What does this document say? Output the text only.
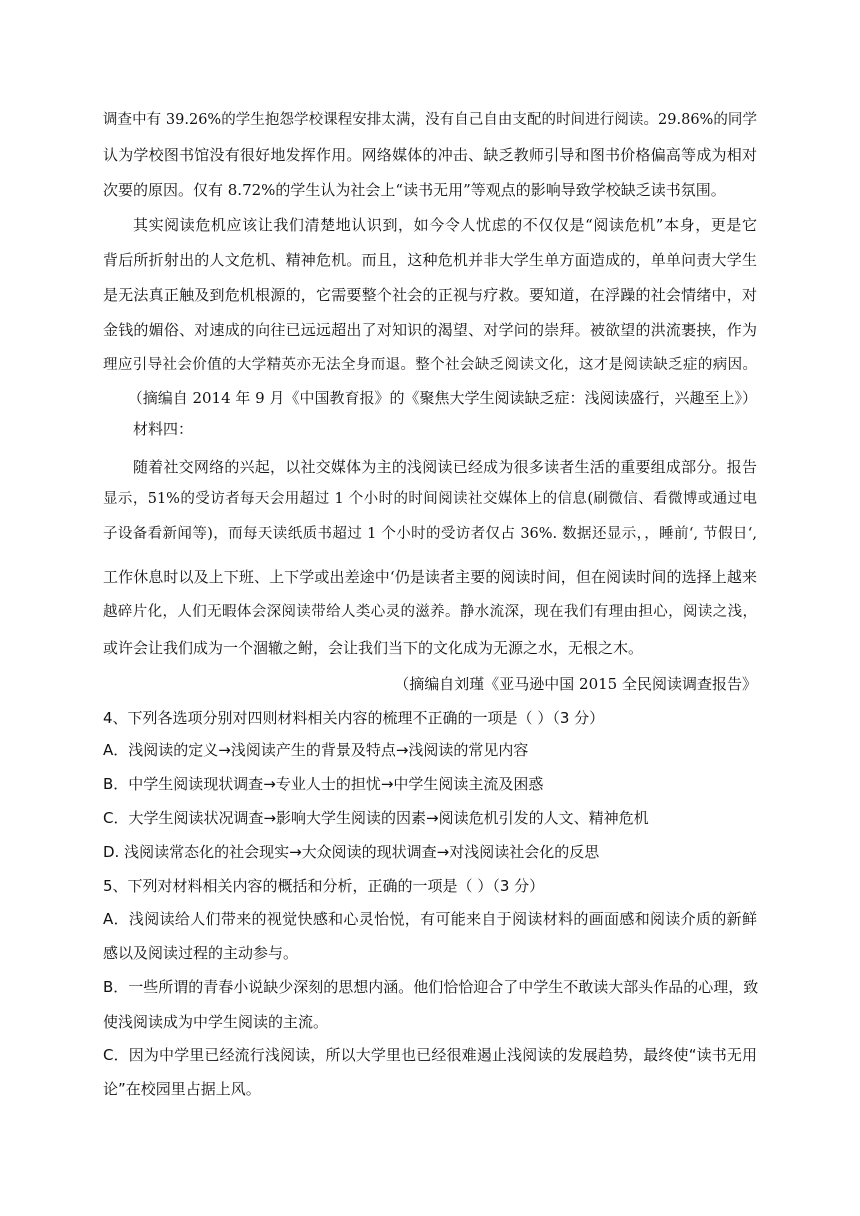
调查中有 39.26%的学生抱怨学校课程安排太满，没有自己自由支配的时间进行阅读。29.86%的同学

认为学校图书馆没有很好地发挥作用。网络媒体的冲击、缺乏教师引导和图书价格偏高等成为相对

次要的原因。仅有 8.72%的学生认为社会上“读书无用”等观点的影响导致学校缺乏读书氛围。

其实阅读危机应该让我们清楚地认识到，如今令人忧虑的不仅仅是“阅读危机”本身，更是它

背后所折射出的人文危机、精神危机。而且，这种危机并非大学生单方面造成的，单单问责大学生

是无法真正触及到危机根源的，它需要整个社会的正视与疗救。要知道，在浮躁的社会情绪中，对

金钱的媚俗、对速成的向往已远远超出了对知识的渴望、对学问的崇拜。被欲望的洪流裹挟，作为

理应引导社会价值的大学精英亦无法全身而退。整个社会缺乏阅读文化，这才是阅读缺乏症的病因。

（摘编自 2014 年 9 月《中国教育报》的《聚焦大学生阅读缺乏症：浅阅读盛行，兴趣至上》）

材料四：

随着社交网络的兴起，以社交媒体为主的浅阅读已经成为很多读者生活的重要组成部分。报告

显示，51%的受访者每天会用超过 1 个小时的时间阅读社交媒体上的信息(刷微信、看微博或通过电

子设备看新闻等)，而每天读纸质书超过 1 个小时的受访者仅占 36%. 数据还显示，，睡前‘, 节假日‘,

工作休息时以及上下班、上下学或出差途中‘仍是读者主要的阅读时间，但在阅读时间的选择上越来

越碎片化，人们无暇体会深阅读带给人类心灵的滋养。静水流深，现在我们有理由担心，阅读之浅，

或许会让我们成为一个涸辙之鲋，会让我们当下的文化成为无源之水，无根之木。

（摘编自刘瑾《亚马逊中国 2015 全民阅读调查报告》

4、下列各选项分别对四则材料相关内容的梳理不正确的一项是（ ）（3 分）

A．浅阅读的定义→浅阅读产生的背景及特点→浅阅读的常见内容

B．中学生阅读现状调查→专业人士的担忧→中学生阅读主流及困惑

C．大学生阅读状况调查→影响大学生阅读的因素→阅读危机引发的人文、精神危机

D. 浅阅读常态化的社会现实→大众阅读的现状调查→对浅阅读社会化的反思

5、下列对材料相关内容的概括和分析，正确的一项是（ ）（3 分）

A．浅阅读给人们带来的视觉快感和心灵怡悦，有可能来自于阅读材料的画面感和阅读介质的新鲜

感以及阅读过程的主动参与。

B．一些所谓的青春小说缺少深刻的思想内涵。他们恰恰迎合了中学生不敢读大部头作品的心理，致

使浅阅读成为中学生阅读的主流。

C．因为中学里已经流行浅阅读，所以大学里也已经很难遏止浅阅读的发展趋势，最终使“读书无用

论”在校园里占据上风。
